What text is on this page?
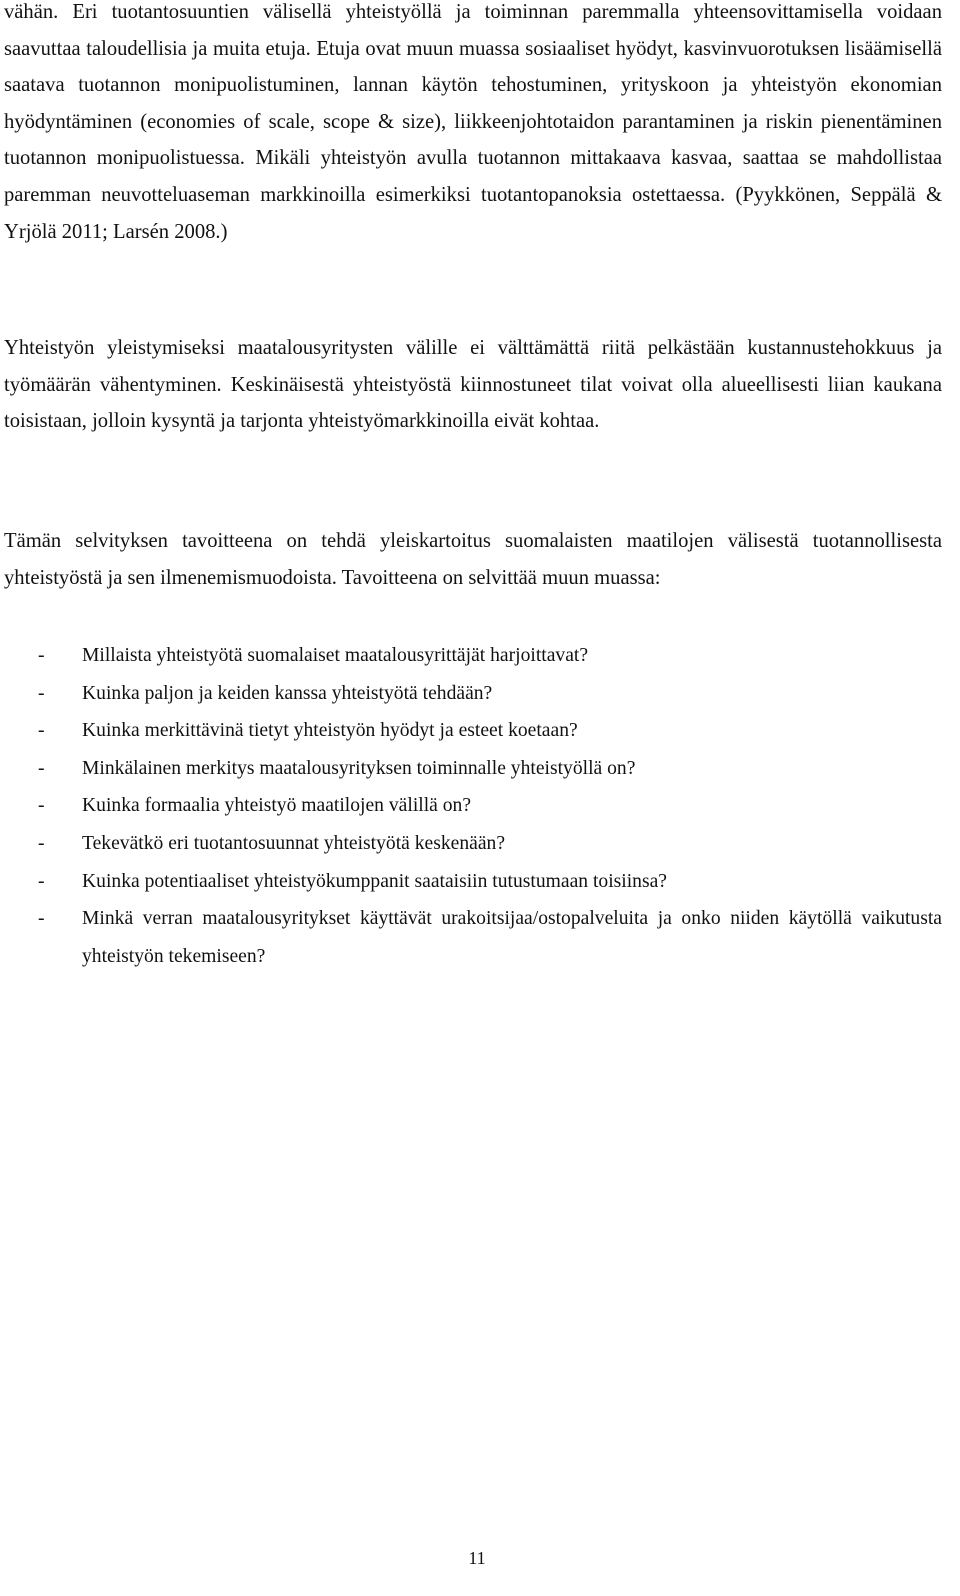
vähän. Eri tuotantosuuntien välisellä yhteistyöllä ja toiminnan paremmalla yhteensovittamisella voidaan saavuttaa taloudellisia ja muita etuja. Etuja ovat muun muassa sosiaaliset hyödyt, kasvinvuorotuksen lisäämisellä saatava tuotannon monipuolistuminen, lannan käytön tehostuminen, yrityskoon ja yhteistyön ekonomian hyödyntäminen (economies of scale, scope & size), liikkeenjohtotaidon parantaminen ja riskin pienentäminen tuotannon monipuolistuessa. Mikäli yhteistyön avulla tuotannon mittakaava kasvaa, saattaa se mahdollistaa paremman neuvotteluaseman markkinoilla esimerkiksi tuotantopanoksia ostettaessa. (Pyykkönen, Seppälä & Yrjölä 2011; Larsén 2008.)

Yhteistyön yleistymiseksi maatalousyritysten välille ei välttämättä riitä pelkästään kustannustehokkuus ja työmäärän vähentyminen. Keskinäisestä yhteistyöstä kiinnostuneet tilat voivat olla alueellisesti liian kaukana toisistaan, jolloin kysyntä ja tarjonta yhteistyömarkkinoilla eivät kohtaa.

Tämän selvityksen tavoitteena on tehdä yleiskartoitus suomalaisten maatilojen välisestä tuotannollisesta yhteistyöstä ja sen ilmenemismuodoista. Tavoitteena on selvittää muun muassa:

- Millaista yhteistyötä suomalaiset maatalousyrittäjät harjoittavat?
- Kuinka paljon ja keiden kanssa yhteistyötä tehdään?
- Kuinka merkittävinä tietyt yhteistyön hyödyt ja esteet koetaan?
- Minkälainen merkitys maatalousyrityksen toiminnalle yhteistyöllä on?
- Kuinka formaalia yhteistyö maatilojen välillä on?
- Tekevätkö eri tuotantosuunnat yhteistyötä keskenään?
- Kuinka potentiaaliset yhteistyökumppanit saataisiin tutustumaan toisiinsa?
- Minkä verran maatalousyritykset käyttävät urakoitsijaa/ostopalveluita ja onko niiden käytöllä vaikutusta yhteistyön tekemiseen?
11
